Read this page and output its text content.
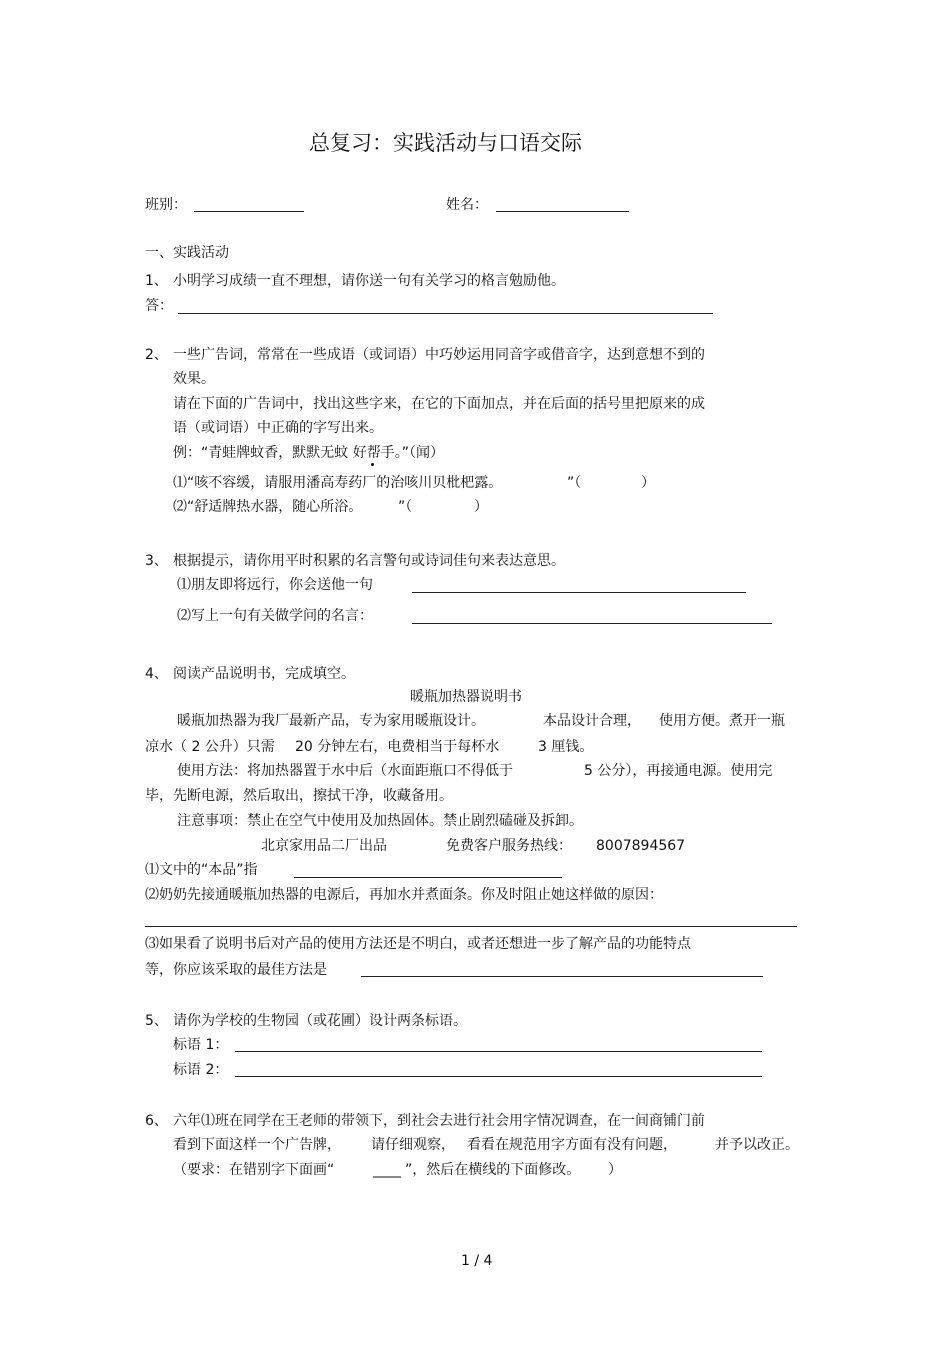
总复习：实践活动与口语交际
班别：	姓名：
一、实践活动
1、 小明学习成绩一直不理想，请你送一句有关学习的格言勉励他。
答：
2、 一些广告词，常常在一些成语（或词语）中巧妙运用同音字或借音字，达到意想不到的
效果。
请在下面的广告词中，找出这些字来，在它的下面加点，并在后面的括号里把原来的成
语（或词语）中正确的字写出来。
例：“青蛙牌蚊香，默默无蚊 好帮手。”（闻）
⑴“咳不容缓，请服用潘高寿药厂的治咳川贝枇杷露。	”（	）
⑵“舒适牌热水器，随心所浴。	”（	）
3、 根据提示，请你用平时积累的名言警句或诗词佳句来表达意思。
⑴朋友即将远行，你会送他一句
⑵写上一句有关做学问的名言：
4、 阅读产品说明书，完成填空。
暖瓶加热器说明书
暖瓶加热器为我厂最新产品，专为家用暖瓶设计。	本品设计合理， 使用方便。煮开一瓶
凉水（ 2 公升）只需 20 分钟左右，电费相当于每杯水	3 厘钱。
使用方法：将加热器置于水中后（水面距瓶口不得低于	5 公分），再接通电源。使用完
毕，先断电源，然后取出，擦拭干净，收藏备用。
注意事项：禁止在空气中使用及加热固体。禁止剧烈磕碰及拆卸。
北京家用品二厂出品	免费客户服务热线： 8007894567
⑴文中的“本品”指
⑵奶奶先接通暖瓶加热器的电源后，再加水并煮面条。你及时阻止她这样做的原因：
⑶如果看了说明书后对产品的使用方法还是不明白，或者还想进一步了解产品的功能特点
等，你应该采取的最佳方法是
5、 请你为学校的生物园（或花圃）设计两条标语。
标语 1：
标语 2：
6、 六年⑴班在同学在王老师的带领下，到社会去进行社会用字情况调查，在一间商铺门前
看到下面这样一个广告牌， 请仔细观察， 看看在规范用字方面有没有问题，	并予以改正。
（要求：在错别字下面画“	____ ”，然后在横线的下面修改。 ）
1 / 4
